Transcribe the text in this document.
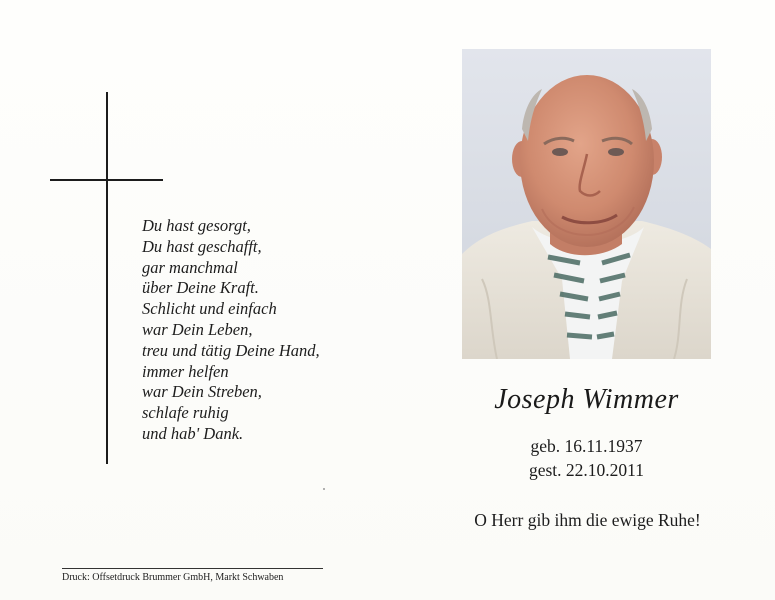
Du hast gesorgt,
Du hast geschafft,
gar manchmal
über Deine Kraft.
Schlicht und einfach
war Dein Leben,
treu und tätig Deine Hand,
immer helfen
war Dein Streben,
schlafe ruhig
und hab' Dank.
Joseph Wimmer
geb. 16.11.1937
gest. 22.10.2011
O Herr gib ihm die ewige Ruhe!
Druck: Offsetdruck Brummer GmbH, Markt Schwaben
